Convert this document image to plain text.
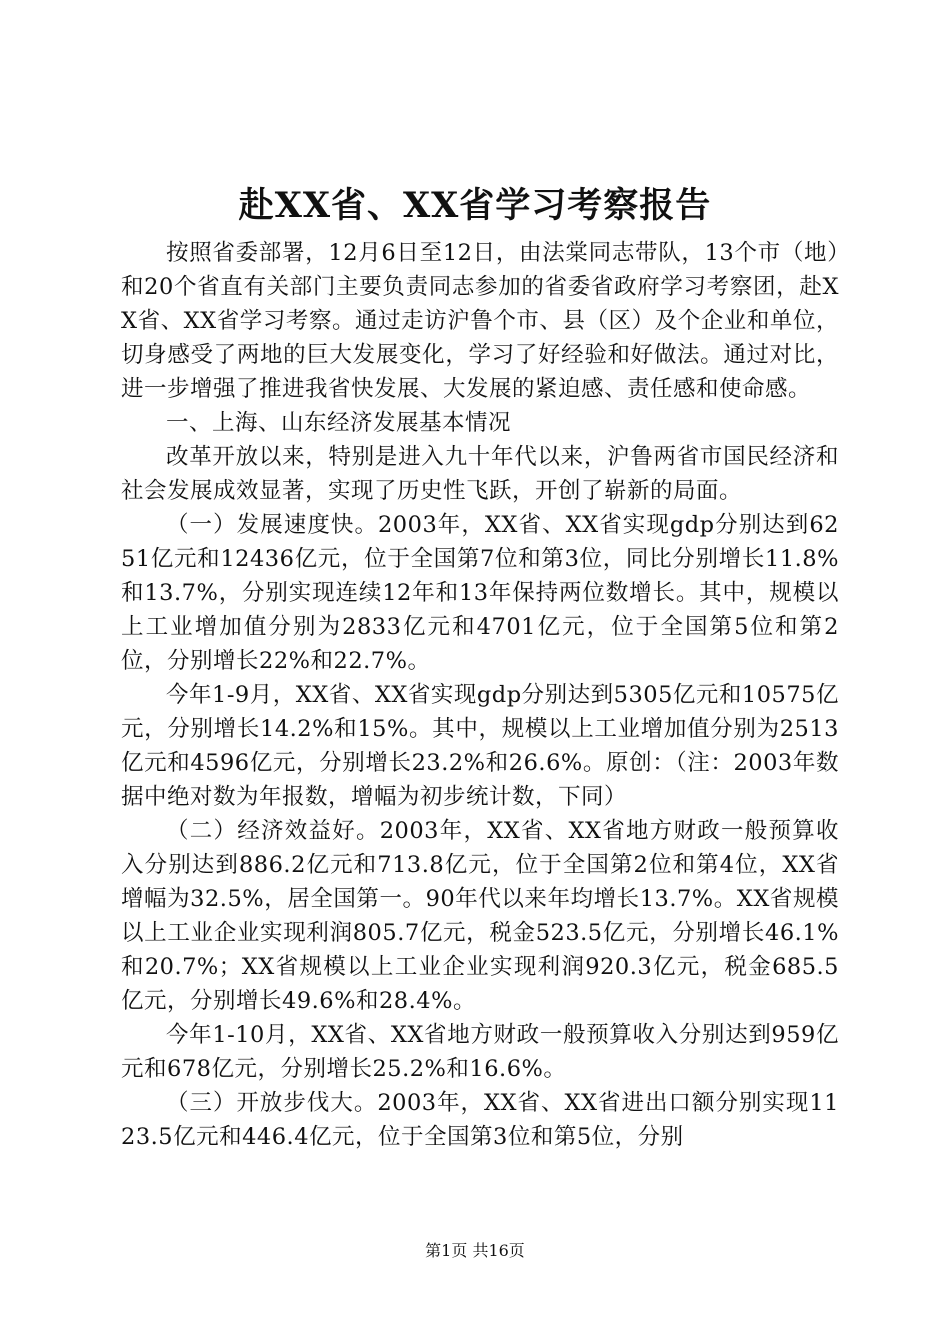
赴XX省、XX省学习考察报告

按照省委部署，12月6日至12日，由法棠同志带队，13个市（地）和20个省直有关部门主要负责同志参加的省委省政府学习考察团，赴XX省、XX省学习考察。通过走访沪鲁个市、县（区）及个企业和单位，切身感受了两地的巨大发展变化，学习了好经验和好做法。通过对比，进一步增强了推进我省快发展、大发展的紧迫感、责任感和使命感。

一、上海、山东经济发展基本情况

改革开放以来，特别是进入九十年代以来，沪鲁两省市国民经济和社会发展成效显著，实现了历史性飞跃，开创了崭新的局面。

（一）发展速度快。2003年，XX省、XX省实现gdp分别达到6251亿元和12436亿元，位于全国第7位和第3位，同比分别增长11.8%和13.7%，分别实现连续12年和13年保持两位数增长。其中，规模以上工业增加值分别为2833亿元和4701亿元，位于全国第5位和第2位，分别增长22%和22.7%。

今年1-9月，XX省、XX省实现gdp分别达到5305亿元和10575亿元，分别增长14.2%和15%。其中，规模以上工业增加值分别为2513亿元和4596亿元，分别增长23.2%和26.6%。原创：（注：2003年数据中绝对数为年报数，增幅为初步统计数，下同）

（二）经济效益好。2003年，XX省、XX省地方财政一般预算收入分别达到886.2亿元和713.8亿元，位于全国第2位和第4位，XX省增幅为32.5%，居全国第一。90年代以来年均增长13.7%。XX省规模以上工业企业实现利润805.7亿元，税金523.5亿元，分别增长46.1%和20.7%；XX省规模以上工业企业实现利润920.3亿元，税金685.5亿元，分别增长49.6%和28.4%。

今年1-10月，XX省、XX省地方财政一般预算收入分别达到959亿元和678亿元，分别增长25.2%和16.6%。

（三）开放步伐大。2003年，XX省、XX省进出口额分别实现1123.5亿元和446.4亿元，位于全国第3位和第5位，分别

第1页 共16页
